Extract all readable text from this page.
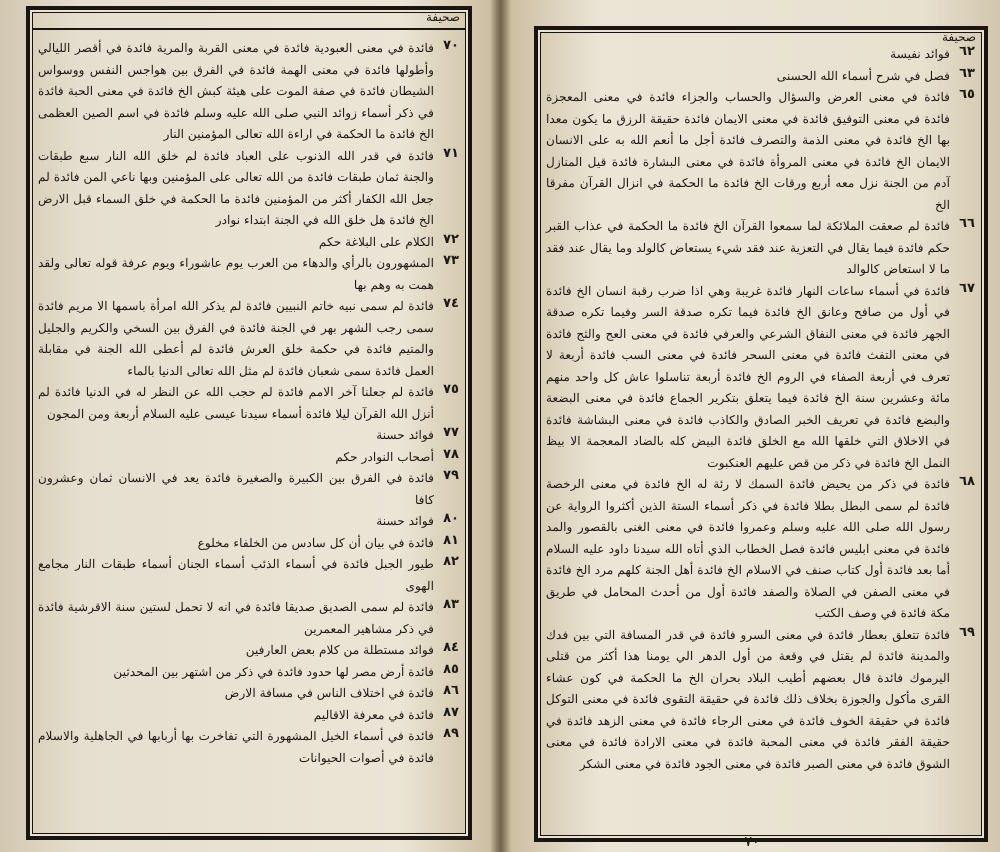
صحيفة
٧٠
فائدة في معنى العبودية فائدة في معنى القربة والمرية فائدة في أقصر الليالي وأطولها فائدة في معنى الهمة فائدة في الفرق بين هواجس النفس ووسواس الشيطان فائدة في صفة الموت على هيئة كبش الخ فائدة في معنى الحبة فائدة في ذكر أسماء زوائد النبي صلى الله عليه وسلم فائدة في اسم الصين العظمى الخ فائدة ما الحكمة في اراءة الله تعالى المؤمنين النار
٧١
فائدة في قدر الله الذنوب على العباد فائدة لم خلق الله النار سبع طبقات والجنة ثمان طبقات فائدة من الله تعالى على المؤمنين وبها ناعي المن فائدة لم جعل الله الكفار أكثر من المؤمنين فائدة ما الحكمة في خلق السماء قبل الارض الخ فائدة هل خلق الله في الجنة ابتداء نوادر
٧٢
الكلام على البلاغة حكم
٧٣
المشهورون بالرأي والدهاء من العرب يوم عاشوراء ويوم عرفة قوله تعالى ولقد همت به وهم بها
٧٤
فائدة لم سمى نبيه خاتم النبيين فائدة لم يذكر الله امرأة باسمها الا مريم فائدة سمى رجب الشهر بهر في الجنة فائدة في الفرق بين السخي والكريم والجليل والمتيم فائدة في حكمة خلق العرش فائدة لم أعطى الله الجنة في مقابلة العمل فائدة سمى شعبان فائدة لم مثل الله تعالى الدنيا بالماء
٧٥
فائدة لم جعلنا آخر الامم فائدة لم حجب الله عن النظر له في الدنيا فائدة لم أنزل الله القرآن ليلا فائدة أسماء سيدنا عيسى عليه السلام أربعة ومن المجون
٧٧
فوائد حسنة
٧٨
أصحاب النوادر حكم
٧٩
فائدة في الفرق بين الكبيرة والصغيرة فائدة يعد في الانسان ثمان وعشرون كافا
٨٠
فوائد حسنة
٨١
فائدة في بيان أن كل سادس من الخلفاء مخلوع
٨٢
طيور الجبل فائدة في أسماء الذئب أسماء الجنان أسماء طبقات النار مجامع الهوى
٨٣
فائدة لم سمى الصديق صديقا فائدة في انه لا تحمل لستين سنة الاقرشية فائدة في ذكر مشاهير المعمرين
٨٤
فوائد مستطلة من كلام بعض العارفين
٨٥
فائدة أرض مصر لها حدود فائدة في ذكر من اشتهر بين المحدثين
٨٦
فائدة في اختلاف الناس في مسافة الارض
٨٧
فائدة في معرفة الاقاليم
٨٩
فائدة في أسماء الخيل المشهورة التي تفاخرت بها أربابها في الجاهلية والاسلام فائدة في أصوات الحيوانات
صحيفة
٦٢
فوائد نفيسة
٦٣
فصل في شرح أسماء الله الحسنى
٦٥
فائدة في معنى العرض والسؤال والحساب والجزاء فائدة في معنى المعجزة فائدة في معنى التوفيق فائدة في معنى الايمان فائدة حقيقة الرزق ما يكون معدا بها الخ فائدة في معنى الذمة والتصرف فائدة أجل ما أنعم الله به على الانسان الايمان الخ فائدة في معنى المروأة فائدة في معنى البشارة فائدة قيل المنازل آدم من الجنة نزل معه أربع ورقات الخ فائدة ما الحكمة في انزال القرآن مفرقا الخ
٦٦
فائدة لم صعقت الملائكة لما سمعوا القرآن الخ فائدة ما الحكمة في عذاب القبر حكم فائدة فيما يقال في التعزية عند فقد شيء يستعاض كالولد وما يقال عند فقد ما لا استعاض كالوالد
٦٧
فائدة في أسماء ساعات النهار فائدة غريبة وهي اذا ضرب رقبة انسان الخ فائدة في أول من صافح وعانق الخ فائدة فيما تكره صدقة السر وفيما تكره صدقة الجهر فائدة في معنى النفاق الشرعي والعرفي فائدة في معنى العج والثج فائدة في معنى التفث فائدة في معنى السحر فائدة في معنى السب فائدة أربعة لا تعرف في أربعة الصفاء في الروم الخ فائدة أربعة تناسلوا عاش كل واحد منهم مائة وعشرين سنة الخ فائدة فيما يتعلق بتكرير الجماع فائدة في معنى البضعة والبضع فائدة في تعريف الخبر الصادق والكاذب فائدة في معنى البشاشة فائدة في الاخلاق التي خلقها الله مع الخلق فائدة البيض كله بالضاد المعجمة الا بيظ النمل الخ فائدة في ذكر من قص عليهم العنكبوت
٦٨
فائدة في ذكر من يحيض فائدة السمك لا رئة له الخ فائدة في معنى الرخصة فائدة لم سمى البطل بطلا فائدة في ذكر أسماء الستة الذين أكثروا الرواية عن رسول الله صلى الله عليه وسلم وعمروا فائدة في معنى الغنى بالقصور والمد فائدة في معنى ابليس فائدة فصل الخطاب الذي أتاه الله سيدنا داود عليه السلام أما بعد فائدة أول كتاب صنف في الاسلام الخ فائدة أهل الجنة كلهم مرد الخ فائدة في معنى الصفن في الصلاة والصفد فائدة أول من أحدث المحامل في طريق مكة فائدة في وصف الكتب
٦٩
فائدة تتعلق بعطار فائدة في معنى السرو فائدة في قدر المسافة التي بين فدك والمدينة فائدة لم يقتل في وقعة من أول الدهر الي يومنا هذا أكثر من قتلى اليرموك فائدة قال بعضهم أطيب البلاد بحران الخ ما الحكمة في كون عشاء القرى مأكول والجوزة بخلاف ذلك فائدة في حقيقة التقوى فائدة في معنى التوكل فائدة في حقيقة الخوف فائدة في معنى الرجاء فائدة في معنى الزهد فائدة في حقيقة الفقر فائدة في معنى المحبة فائدة في معنى الارادة فائدة في معنى الشوق فائدة في معنى الصبر فائدة في معنى الجود فائدة في معنى الشكر
٧٠
